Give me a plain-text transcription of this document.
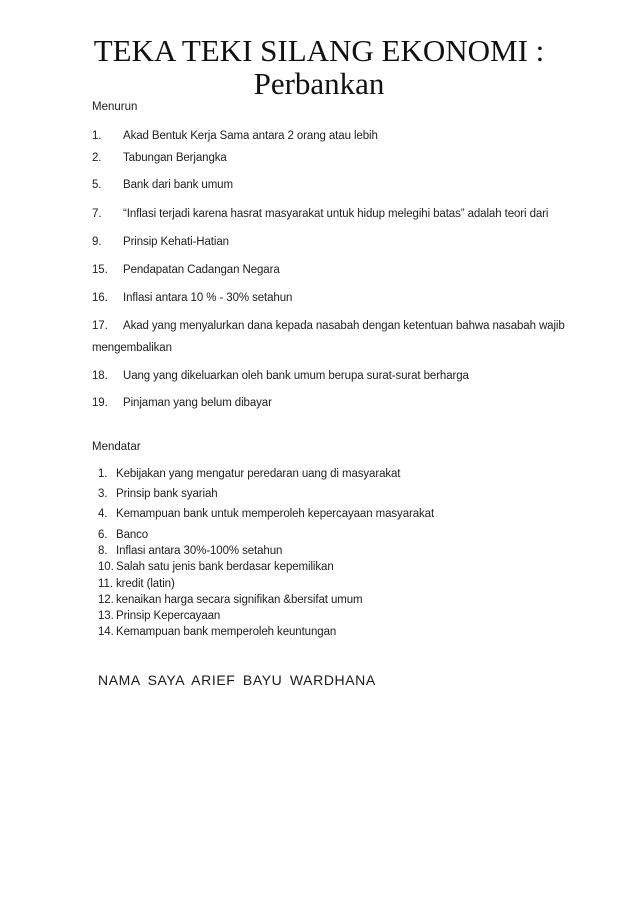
TEKA TEKI SILANG EKONOMI :
Perbankan
Menurun
1. Akad Bentuk Kerja Sama antara 2 orang atau lebih
2. Tabungan Berjangka
5. Bank dari bank umum
7. “Inflasi terjadi karena hasrat masyarakat untuk hidup melegihi batas” adalah teori dari
9. Prinsip Kehati-Hatian
15. Pendapatan Cadangan Negara
16. Inflasi antara 10 % - 30% setahun
17. Akad yang menyalurkan dana kepada nasabah dengan ketentuan bahwa nasabah wajib
mengembalikan
18. Uang yang dikeluarkan oleh bank umum berupa surat-surat berharga
19. Pinjaman yang belum dibayar
Mendatar
1. Kebijakan yang mengatur peredaran uang di masyarakat
3. Prinsip bank syariah
4. Kemampuan bank untuk memperoleh kepercayaan masyarakat
6. Banco
8. Inflasi antara 30%-100% setahun
10. Salah satu jenis bank berdasar kepemilikan
11. kredit (latin)
12. kenaikan harga secara signifikan &bersifat umum
13. Prinsip Kepercayaan
14. Kemampuan bank memperoleh keuntungan
NAMA SAYA ARIEF BAYU WARDHANA
